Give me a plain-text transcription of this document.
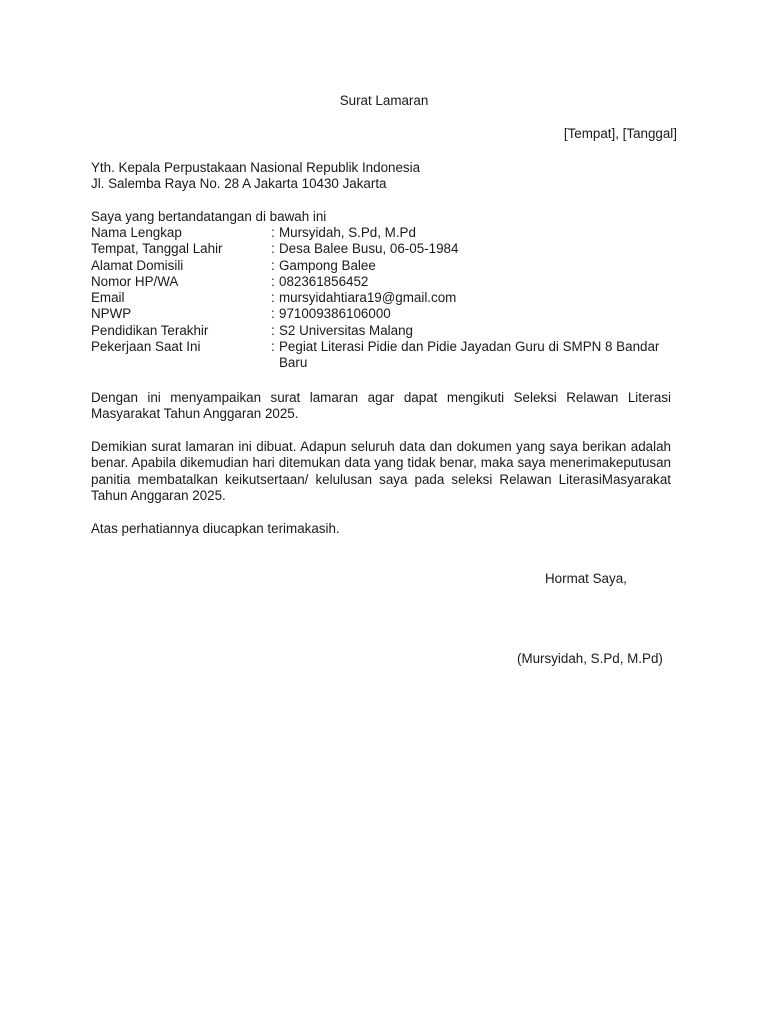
Surat Lamaran
[Tempat], [Tanggal]
Yth. Kepala Perpustakaan Nasional Republik Indonesia
Jl. Salemba Raya No. 28 A Jakarta 10430 Jakarta
Saya yang bertandatangan di bawah ini
Nama Lengkap	:	Mursyidah, S.Pd, M.Pd
Tempat, Tanggal Lahir	:	Desa Balee Busu, 06-05-1984
Alamat Domisili	:	Gampong Balee
Nomor HP/WA	:	082361856452
Email	:	mursyidahtiara19@gmail.com
NPWP	:	971009386106000
Pendidikan Terakhir	:	S2 Universitas Malang
Pekerjaan Saat Ini	:	Pegiat Literasi Pidie dan Pidie Jayadan Guru di SMPN 8 Bandar Baru
Dengan ini menyampaikan surat lamaran agar dapat mengikuti Seleksi Relawan Literasi Masyarakat Tahun Anggaran 2025.
Demikian surat lamaran ini dibuat. Adapun seluruh data dan dokumen yang saya berikan adalah benar. Apabila dikemudian hari ditemukan data yang tidak benar, maka saya menerimakeputusan panitia membatalkan keikutsertaan/ kelulusan saya pada seleksi Relawan LiterasiMasyarakat Tahun Anggaran 2025.
Atas perhatiannya diucapkan terimakasih.
Hormat Saya,
(Mursyidah, S.Pd, M.Pd)
